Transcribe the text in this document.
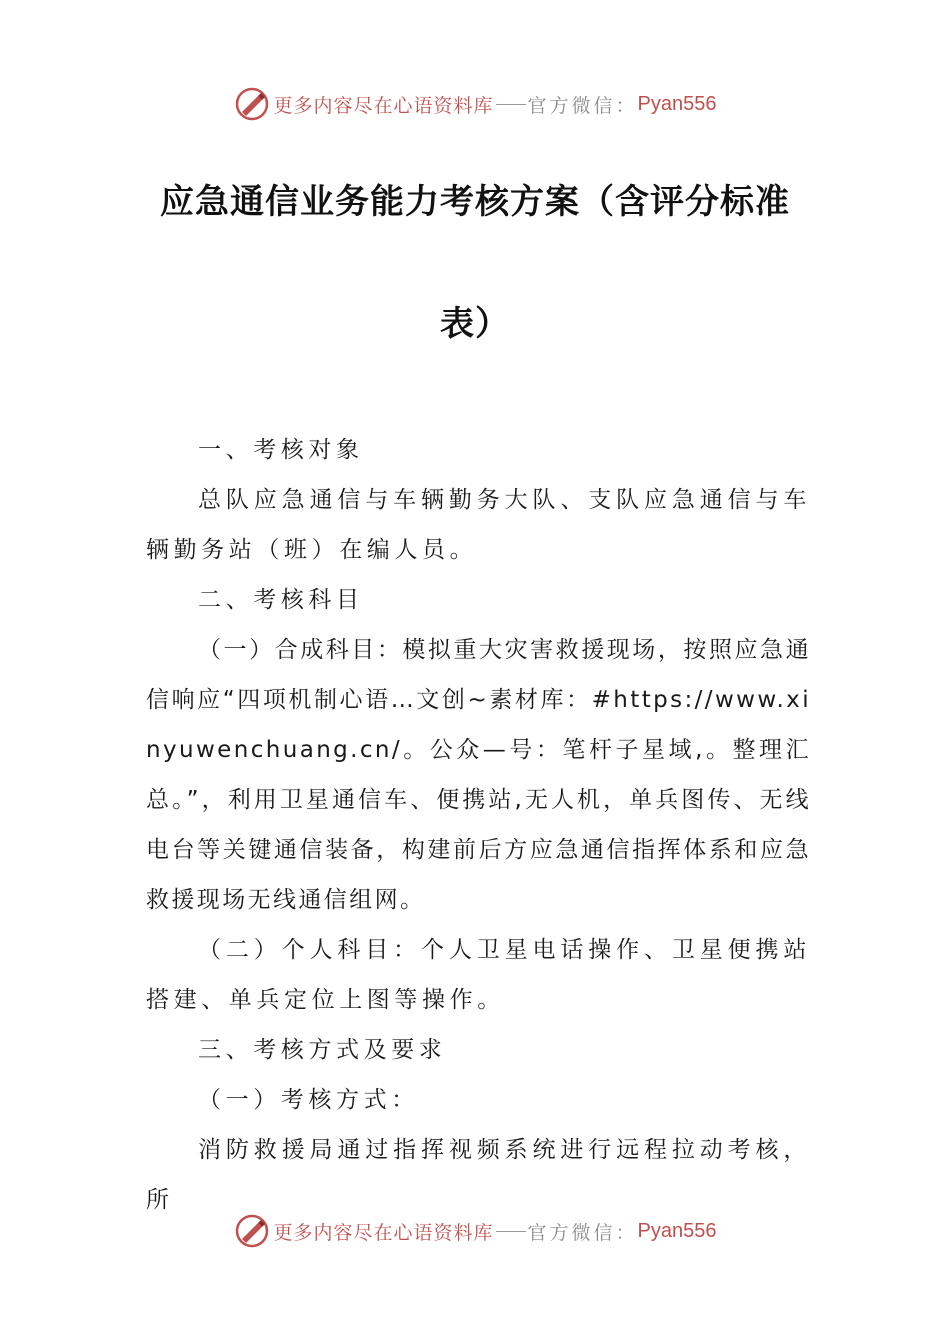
更多内容尽在心语资料库 官方微信： Pyan556
应急通信业务能力考核方案（含评分标准
表）

一、考核对象

总队应急通信与车辆勤务大队、支队应急通信与车辆勤务站（班）在编人员。

二、考核科目

（一）合成科目：模拟重大灾害救援现场，按照应急通信响应“四项机制心语…文创~素材库：#https://www.xinyuwenchuang.cn/。公众—号：笔杆子星域,。整理汇总。”，利用卫星通信车、便携站,无人机，单兵图传、无线电台等关键通信装备，构建前后方应急通信指挥体系和应急救援现场无线通信组网。

（二）个人科目：个人卫星电话操作、卫星便携站搭建、单兵定位上图等操作。

三、考核方式及要求

（一）考核方式：

消防救援局通过指挥视频系统进行远程拉动考核，所

更多内容尽在心语资料库 官方微信： Pyan556
